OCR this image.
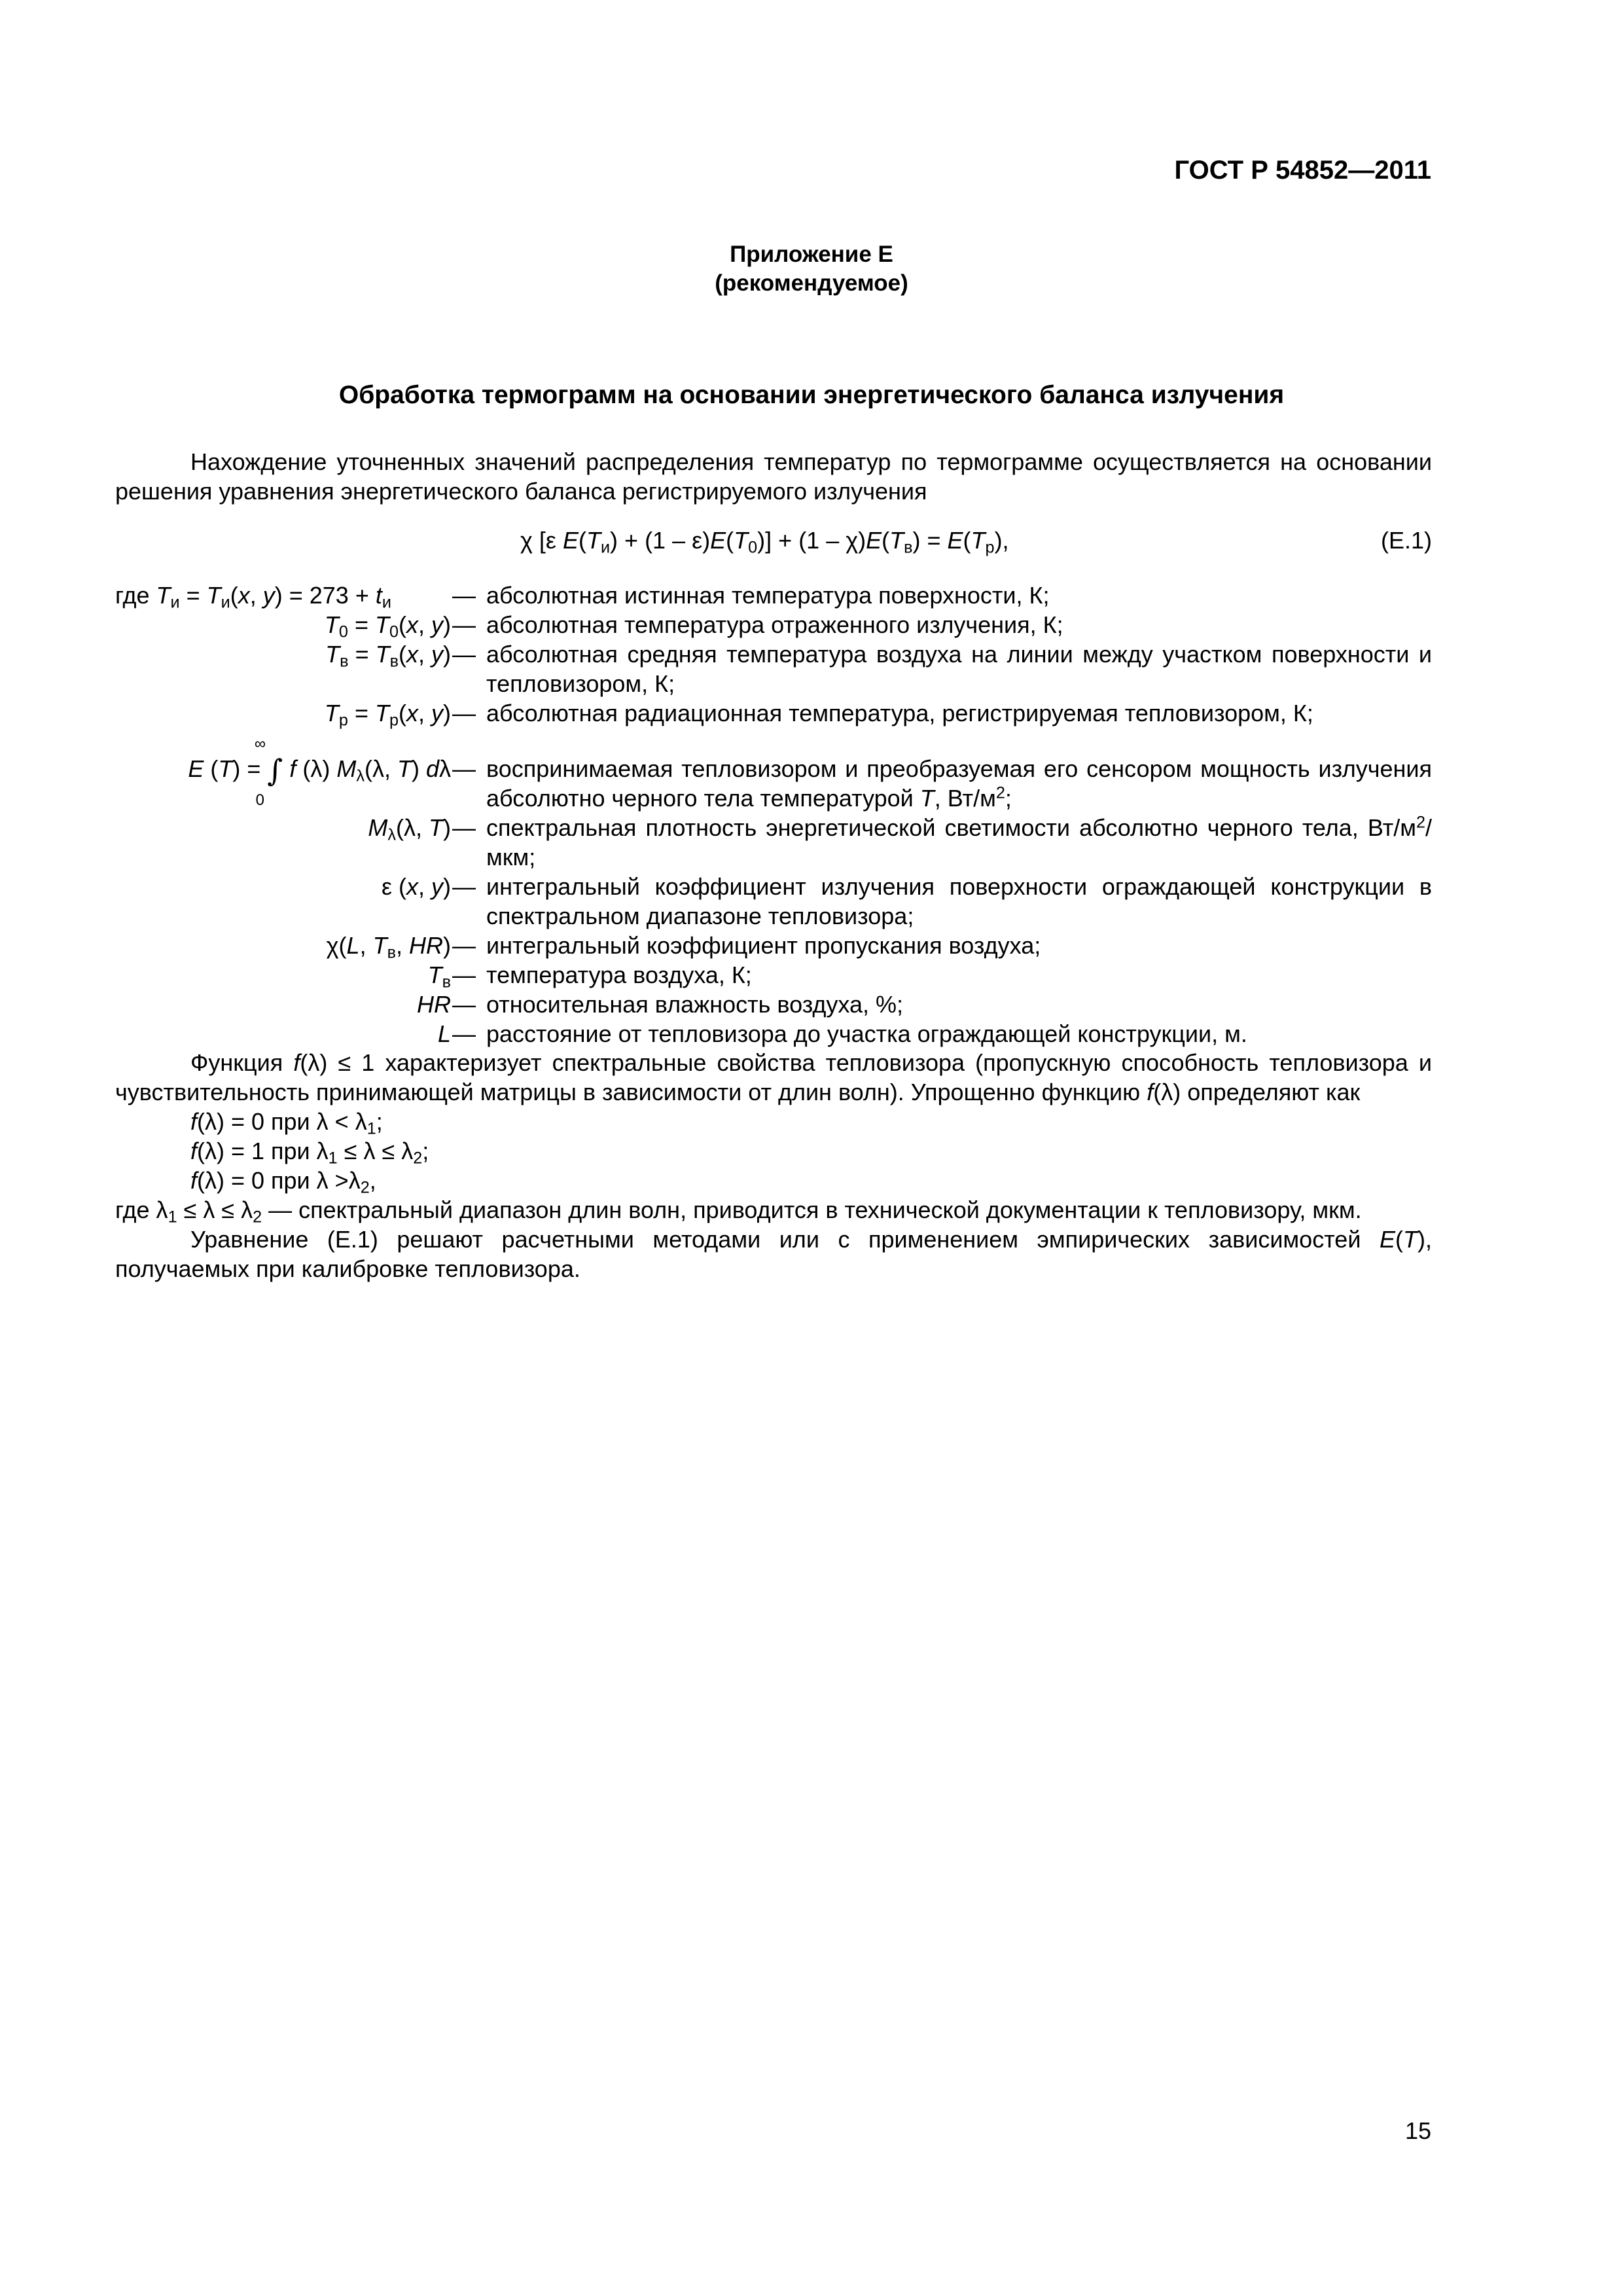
ГОСТ Р 54852—2011
Приложение Е
(рекомендуемое)
Обработка термограмм на основании энергетического баланса излучения
Нахождение уточненных значений распределения температур по термограмме осуществляется на основании решения уравнения энергетического баланса регистрируемого излучения
χ [ε $E(T_и) + (1 - \varepsilon)E(T_0)] + (1 - \chi)E(T_в) = E(T_р)$,	(Е.1)
где $T_и = T_и(x$, $y) = 273 + t_и$	— абсолютная истинная температура поверхности, К;
$T_0 = T_0(x$, y) — абсолютная температура отраженного излучения, К;
$T_в = T_в(x$, y) — абсолютная средняя температура воздуха на линии между участком поверхности и тепловизором, К;
$T_р = T_р(x$, y) — абсолютная радиационная температура, регистрируемая тепловизором, К;
∞
0
E (T) = ∫ f (λ) $M_\lambda(\lambda$, T) dλ — воспринимаемая тепловизором и преобразуемая его сенсором мощность излучения абсолютно черного тела температурой T, $Вт/м^2$;
$M_\lambda(\lambda$, T) — спектральная плотность энергетической светимости абсолютно черного тела, $Вт/м^2$/мкм;
ε (x, y) — интегральный коэффициент излучения поверхности ограждающей конструкции в спектральном диапазоне тепловизора;
χ(L, $T_в$, HR) — интегральный коэффициент пропускания воздуха;
$T_в$ — температура воздуха, К;
HR — относительная влажность воздуха, %;
L — расстояние от тепловизора до участка ограждающей конструкции, м.
Функция f(λ) ≤ 1 характеризует спектральные свойства тепловизора (пропускную способность тепловизора и чувствительность принимающей матрицы в зависимости от длин волн). Упрощенно функцию f(λ) определяют как
f(λ) = 0 при $\lambda < \lambda_1$;
f(λ) = 1 при $\lambda_1 \le \lambda \le \lambda_2$;
f(λ) = 0 при $\lambda >\lambda_2$,
где $\lambda_1 \le \lambda \le \lambda_2$ — спектральный диапазон длин волн, приводится в технической документации к тепловизору, мкм.
Уравнение (Е.1) решают расчетными методами или с применением эмпирических зависимостей E(T), получаемых при калибровке тепловизора.
15
